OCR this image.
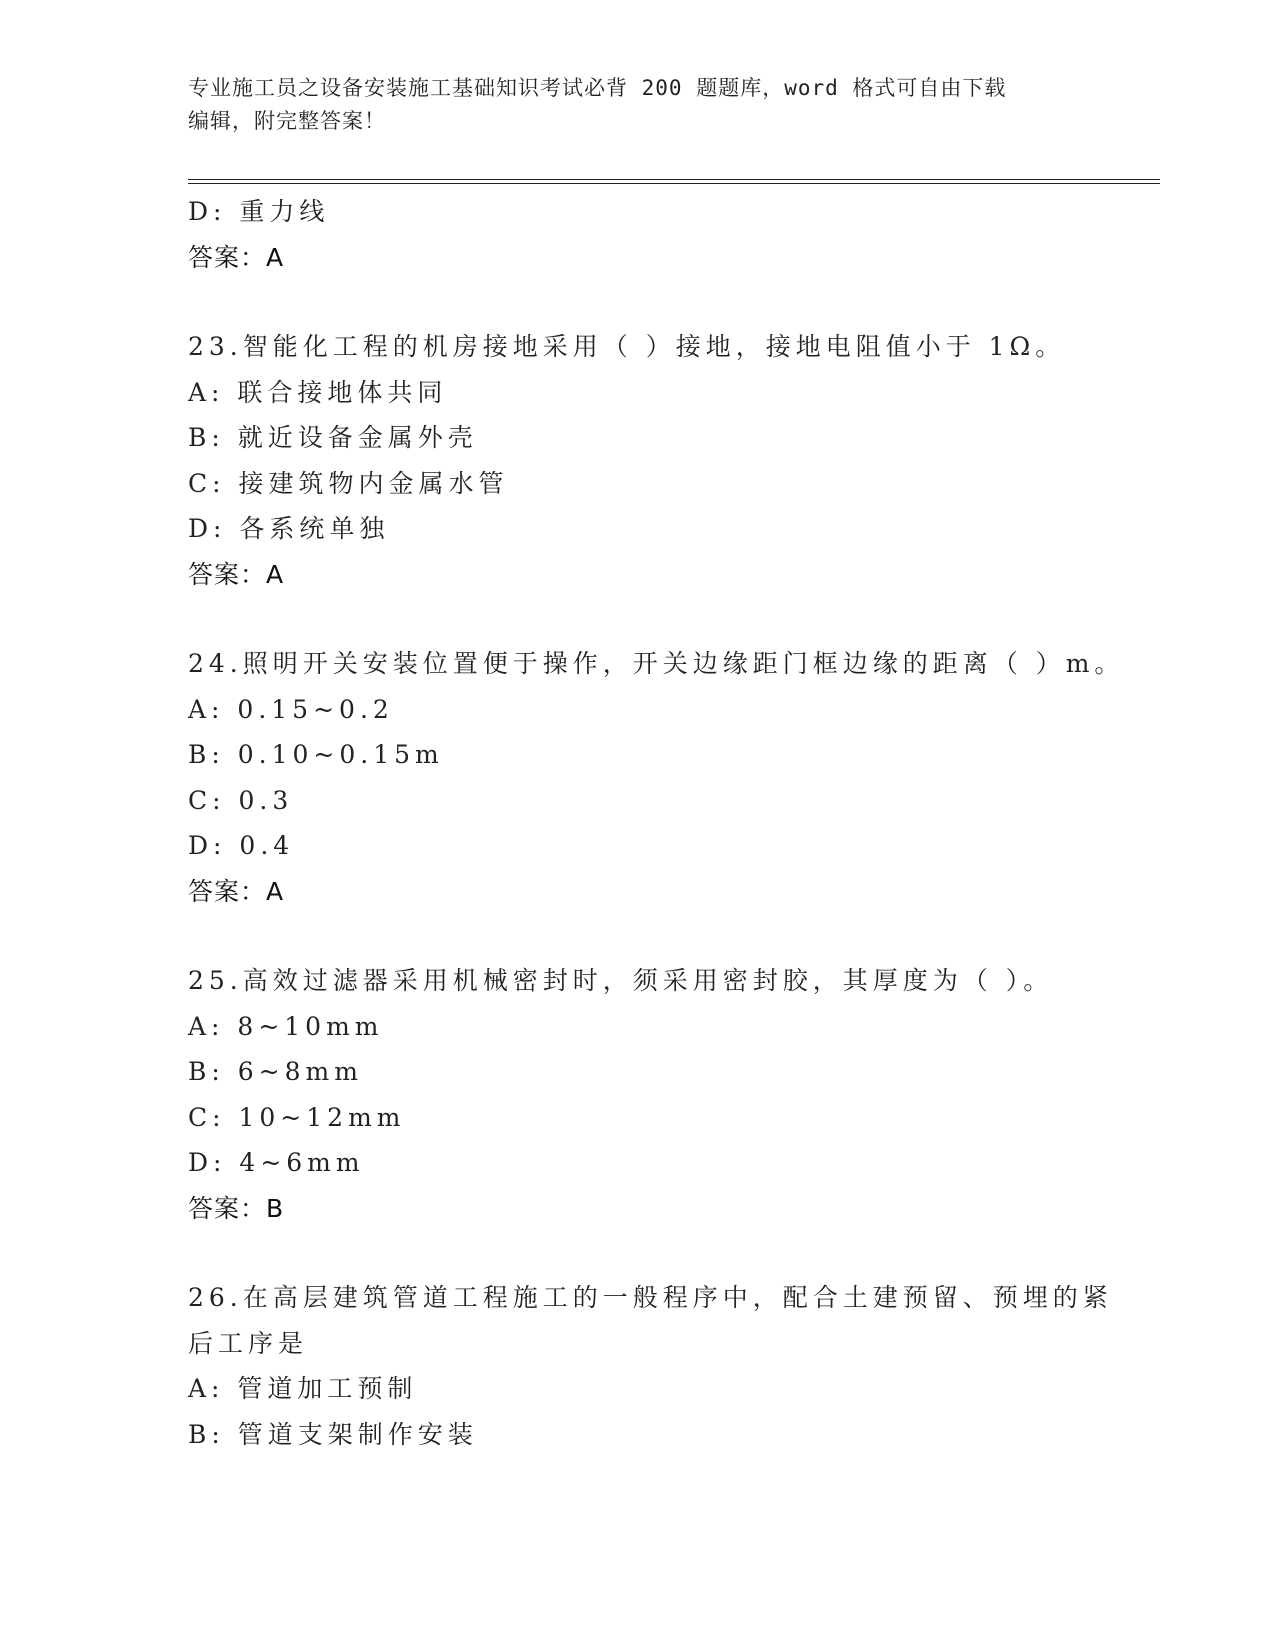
专业施工员之设备安装施工基础知识考试必背 200 题题库，word 格式可自由下载
编辑，附完整答案！
D: 重力线
答案：A
23.智能化工程的机房接地采用（ ）接地，接地电阻值小于 1Ω。
A: 联合接地体共同
B: 就近设备金属外壳
C: 接建筑物内金属水管
D: 各系统单独
答案：A
24.照明开关安装位置便于操作，开关边缘距门框边缘的距离（ ）m。
A: 0.15~0.2
B: 0.10~0.15m
C: 0.3
D: 0.4
答案：A
25.高效过滤器采用机械密封时，须采用密封胶，其厚度为（ ）。
A: 8~10mm
B: 6~8mm
C: 10~12mm
D: 4~6mm
答案：B
26.在高层建筑管道工程施工的一般程序中，配合土建预留、预埋的紧
后工序是
A: 管道加工预制
B: 管道支架制作安装
